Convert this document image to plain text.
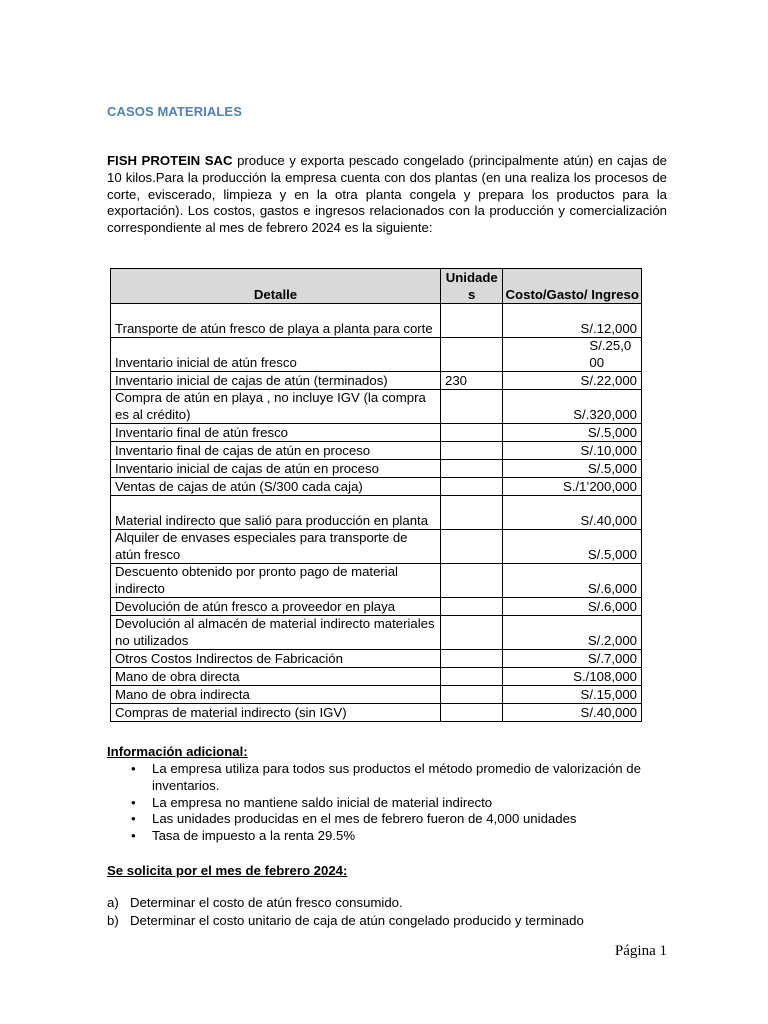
CASOS MATERIALES

FISH PROTEIN SAC produce y exporta pescado congelado (principalmente atún) en cajas de 10 kilos.Para la producción la empresa cuenta con dos plantas (en una realiza los procesos de corte, eviscerado, limpieza y en la otra planta congela y prepara los productos para la exportación). Los costos, gastos e ingresos relacionados con la producción y comercialización correspondiente al mes de febrero 2024 es la siguiente:

Detalle	Unidades	Costo/Gasto/ Ingreso
Transporte de atún fresco de playa a planta para corte		S/.12,000
Inventario inicial de atún fresco		S/.25,000
Inventario inicial de cajas de atún (terminados)	230	S/.22,000
Compra de atún en playa , no incluye IGV (la compra es al crédito)		S/.320,000
Inventario final de atún fresco		S/.5,000
Inventario final de cajas de atún en proceso		S/.10,000
Inventario inicial de cajas de atún en proceso		S/.5,000
Ventas de cajas de atún (S/300 cada caja)		S./1’200,000
Material indirecto que salió para producción en planta		S/.40,000
Alquiler de envases especiales para transporte de atún fresco		S/.5,000
Descuento obtenido por pronto pago de material indirecto		S/.6,000
Devolución de atún fresco a proveedor en playa		S/.6,000
Devolución al almacén de material indirecto materiales no utilizados		S/.2,000
Otros Costos Indirectos de Fabricación		S/.7,000
Mano de obra directa		S./108,000
Mano de obra indirecta		S/.15,000
Compras de material indirecto (sin IGV)		S/.40,000
Información adicional:
• La empresa utiliza para todos sus productos el método promedio de valorización de inventarios.
• La empresa no mantiene saldo inicial de material indirecto
• Las unidades producidas en el mes de febrero fueron de 4,000 unidades
• Tasa de impuesto a la renta 29.5%
Se solicita por el mes de febrero 2024:
a) Determinar el costo de atún fresco consumido.
b) Determinar el costo unitario de caja de atún congelado producido y terminado
Página 1
